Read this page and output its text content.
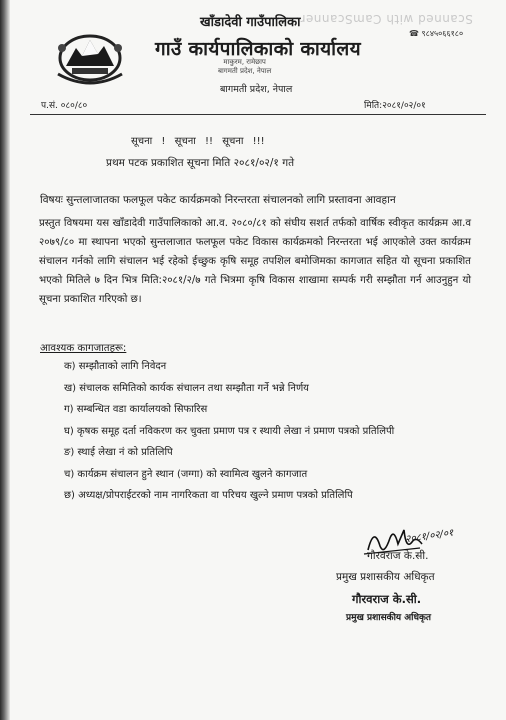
Scanned with CamScanner
☎ ९८४५०६६१८०
खाँडादेवी गाउँपालिका
गाउँ कार्यपालिकाको कार्यालय
माकुरम, रामेछाप
बागमती प्रदेश, नेपाल
बागमती प्रदेश, नेपाल
प.सं. ०८०/८०	मिति:२०८१/०२/०१
सूचना ! सूचना !! सूचना !!!
प्रथम पटक प्रकाशित सूचना मिति २०८१/०२/१ गते
विषयः सुन्तलाजातका फलफूल पकेट कार्यक्रमको निरन्तरता संचालनको लागि प्रस्तावना आवहान
प्रस्तुत विषयमा यस खाँडादेवी गाउँपालिकाको आ.व. २०८०/८१ को संघीय सशर्त तर्फको वार्षिक स्वीकृत कार्यक्रम आ.व २०७९/८० मा स्थापना भएको सुन्तलाजात फलफूल पकेट विकास कार्यक्रमको निरन्तरता भई आएकोले उक्त कार्यक्रम संचालन गर्नको लागि संचालन भई रहेको ईच्छुक कृषि समूह तपशिल बमोजिमका कागजात सहित यो सूचना प्रकाशित भएको मितिले ७ दिन भित्र मिति:२०८१/२/७ गते भित्रमा कृषि विकास शाखामा सम्पर्क गरी सम्झौता गर्न आउनुहुन यो सूचना प्रकाशित गरिएको छ।
आवश्यक कागजातहरू:
क) सम्झौताको लागि निवेदन
ख) संचालक समितिको कार्यक संचालन तथा सम्झौता गर्ने भन्ने निर्णय
ग) सम्बन्धित वडा कार्यालयको सिफारिस
घ) कृषक समूह दर्ता नविकरण कर चुक्ता प्रमाण पत्र र स्थायी लेखा नं प्रमाण पत्रको प्रतिलिपी
ङ) स्थाई लेखा नं को प्रतिलिपि
च) कार्यक्रम संचालन हुने स्थान (जग्गा) को स्वामित्व खुलने कागजात
छ) अध्यक्ष/प्रोपराईटरको नाम नागरिकता वा परिचय खुल्ने प्रमाण पत्रको प्रतिलिपि
२०८१/०२/०१
गौरवराज के.सी.
प्रमुख प्रशासकीय अधिकृत
गौरवराज के.सी.
प्रमुख प्रशासकीय अधिकृत
